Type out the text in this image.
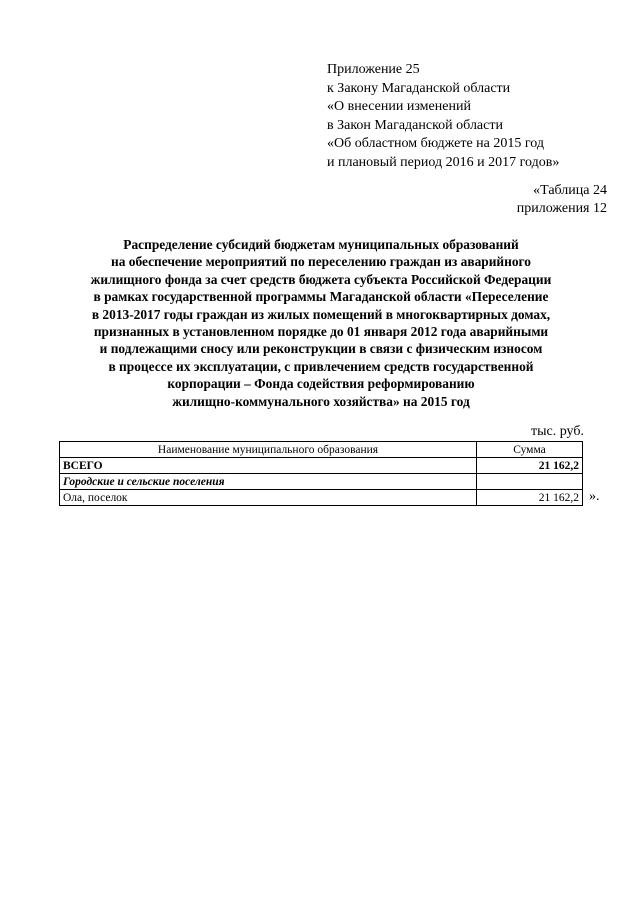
Приложение 25
к Закону Магаданской области
«О внесении изменений
в Закон Магаданской области
«Об областном бюджете на 2015 год
и плановый период 2016 и 2017 годов»
«Таблица 24
приложения 12
Распределение субсидий бюджетам муниципальных образований
на обеспечение мероприятий по переселению граждан из аварийного
жилищного фонда за счет средств бюджета субъекта Российской Федерации
в рамках государственной программы Магаданской области «Переселение
в 2013-2017 годы граждан из жилых помещений в многоквартирных домах,
признанных в установленном порядке до 01 января 2012 года аварийными
и подлежащими сносу или реконструкции в связи с физическим износом
в процессе их эксплуатации, с привлечением средств государственной
корпорации – Фонда содействия реформированию
жилищно-коммунального хозяйства» на 2015 год
тыс. руб.
Наименование муниципального образования	Сумма
ВСЕГО	21 162,2
Городские и сельские поселения	
Ола, поселок	21 162,2 ».
